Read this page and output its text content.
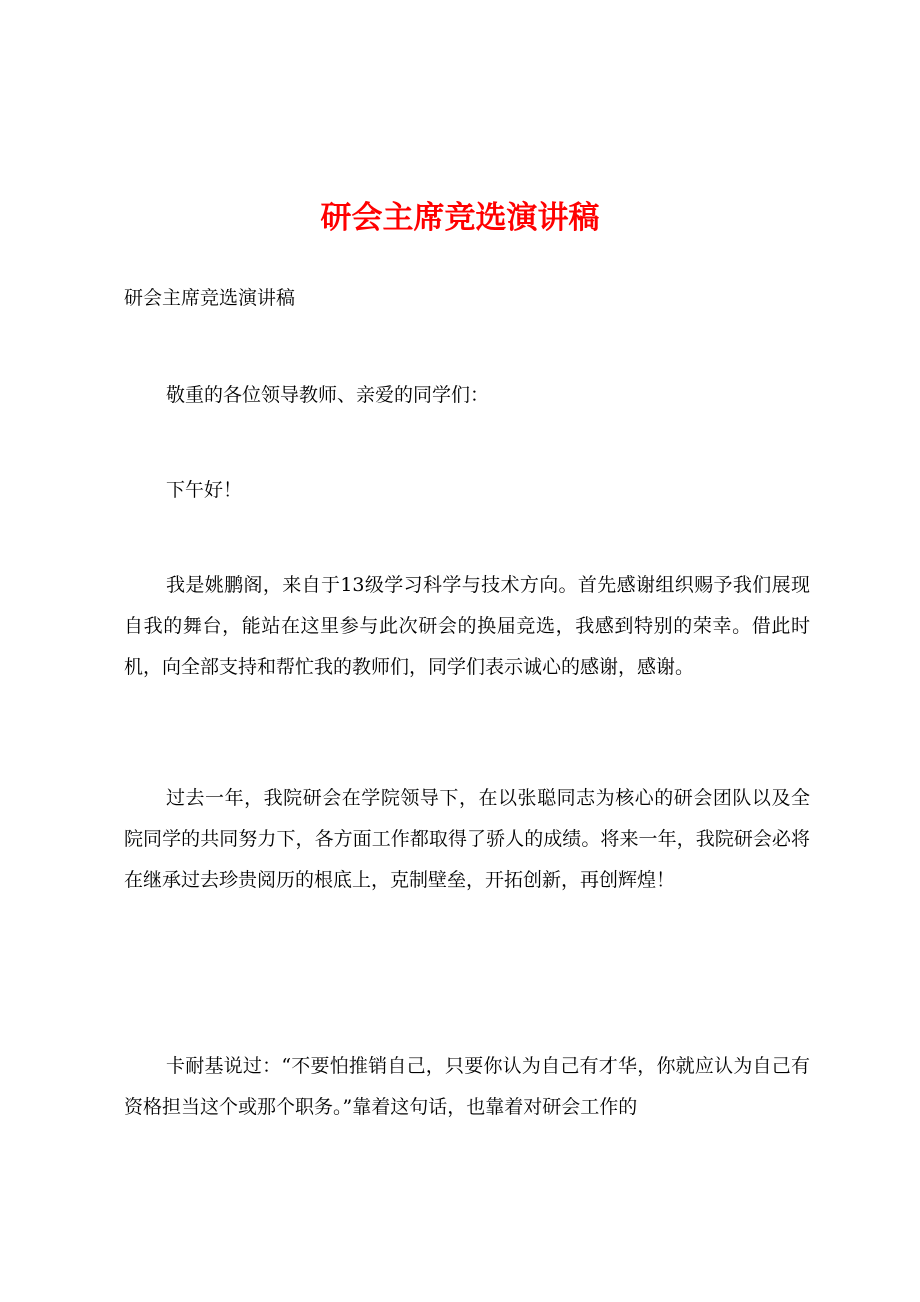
研会主席竞选演讲稿

研会主席竞选演讲稿

敬重的各位领导教师、亲爱的同学们：

下午好！

我是姚鹏阁，来自于13级学习科学与技术方向。首先感谢组织赐予我们展现自我的舞台，能站在这里参与此次研会的换届竞选，我感到特别的荣幸。借此时机，向全部支持和帮忙我的教师们，同学们表示诚心的感谢，感谢。

过去一年，我院研会在学院领导下，在以张聪同志为核心的研会团队以及全院同学的共同努力下，各方面工作都取得了骄人的成绩。将来一年，我院研会必将在继承过去珍贵阅历的根底上，克制壁垒，开拓创新，再创辉煌！

卡耐基说过：“不要怕推销自己，只要你认为自己有才华，你就应认为自己有资格担当这个或那个职务。”靠着这句话，也靠着对研会工作的
